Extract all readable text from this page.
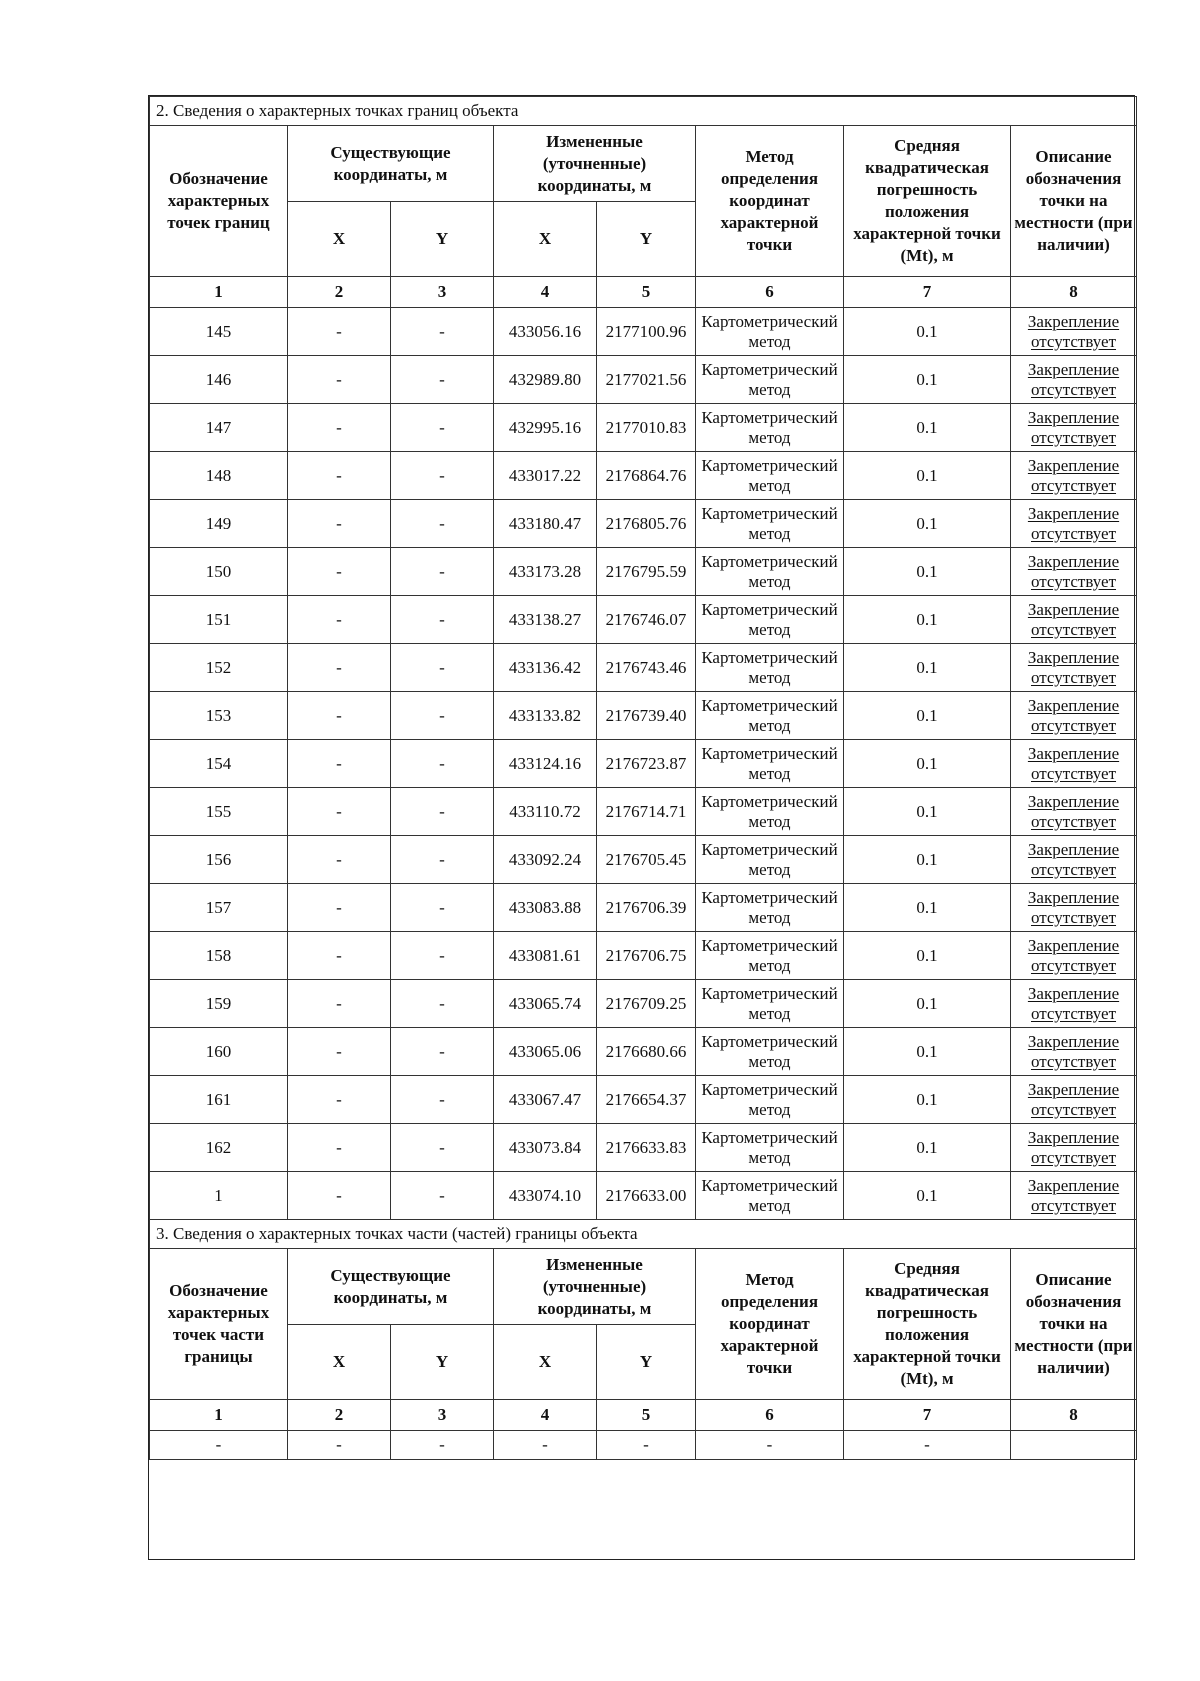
2. Сведения о характерных точках границ объекта							
Обозначение характерных точек границ	Существующие координаты, м		Измененные (уточненные) координаты, м		Метод определения координат характерной точки	Средняя квадратическая погрешность положения характерной точки (Mt), м	Описание обозначения точки на местности (при наличии)
	X	Y	X	Y			
1	2	3	4	5	6	7	8
145	-	-	433056.16	2177100.96	Картометрический метод	0.1	Закрепление отсутствует
146	-	-	432989.80	2177021.56	Картометрический метод	0.1	Закрепление отсутствует
147	-	-	432995.16	2177010.83	Картометрический метод	0.1	Закрепление отсутствует
148	-	-	433017.22	2176864.76	Картометрический метод	0.1	Закрепление отсутствует
149	-	-	433180.47	2176805.76	Картометрический метод	0.1	Закрепление отсутствует
150	-	-	433173.28	2176795.59	Картометрический метод	0.1	Закрепление отсутствует
151	-	-	433138.27	2176746.07	Картометрический метод	0.1	Закрепление отсутствует
152	-	-	433136.42	2176743.46	Картометрический метод	0.1	Закрепление отсутствует
153	-	-	433133.82	2176739.40	Картометрический метод	0.1	Закрепление отсутствует
154	-	-	433124.16	2176723.87	Картометрический метод	0.1	Закрепление отсутствует
155	-	-	433110.72	2176714.71	Картометрический метод	0.1	Закрепление отсутствует
156	-	-	433092.24	2176705.45	Картометрический метод	0.1	Закрепление отсутствует
157	-	-	433083.88	2176706.39	Картометрический метод	0.1	Закрепление отсутствует
158	-	-	433081.61	2176706.75	Картометрический метод	0.1	Закрепление отсутствует
159	-	-	433065.74	2176709.25	Картометрический метод	0.1	Закрепление отсутствует
160	-	-	433065.06	2176680.66	Картометрический метод	0.1	Закрепление отсутствует
161	-	-	433067.47	2176654.37	Картометрический метод	0.1	Закрепление отсутствует
162	-	-	433073.84	2176633.83	Картометрический метод	0.1	Закрепление отсутствует
1	-	-	433074.10	2176633.00	Картометрический метод	0.1	Закрепление отсутствует
3. Сведения о характерных точках части (частей) границы объекта							
Обозначение характерных точек части границы	Существующие координаты, м		Измененные (уточненные) координаты, м		Метод определения координат характерной точки	Средняя квадратическая погрешность положения характерной точки (Mt), м	Описание обозначения точки на местности (при наличии)
	X	Y	X	Y			
1	2	3	4	5	6	7	8
-	-	-	-	-	-	-	
